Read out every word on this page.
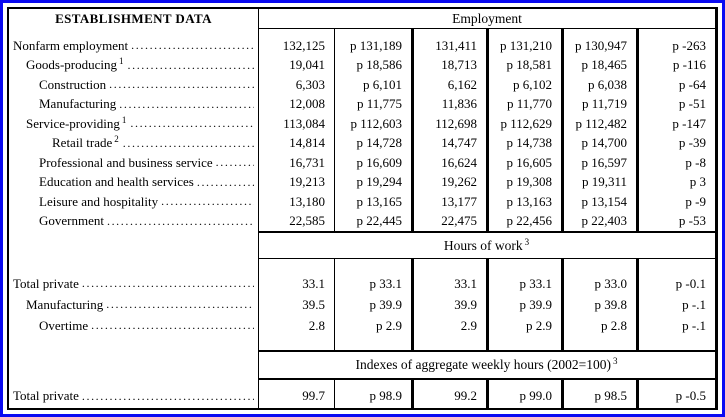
ESTABLISHMENT DATA	Employment
Nonfarm employment .....	132,125	p 131,189	131,411	p 131,210	p 130,947	p -263
Goods-producing 1 .....	19,041	p 18,586	18,713	p 18,581	p 18,465	p -116
Construction .....	6,303	p 6,101	6,162	p 6,102	p 6,038	p -64
Manufacturing .....	12,008	p 11,775	11,836	p 11,770	p 11,719	p -51
Service-providing 1 .....	113,084	p 112,603	112,698	p 112,629	p 112,482	p -147
Retail trade 2 .....	14,814	p 14,728	14,747	p 14,738	p 14,700	p -39
Professional and business service .....	16,731	p 16,609	16,624	p 16,605	p 16,597	p -8
Education and health services .....	19,213	p 19,294	19,262	p 19,308	p 19,311	p 3
Leisure and hospitality .....	13,180	p 13,165	13,177	p 13,163	p 13,154	p -9
Government .....	22,585	p 22,445	22,475	p 22,456	p 22,403	p -53
Hours of work 3
Total private .....	33.1	p 33.1	33.1	p 33.1	p 33.0	p -0.1
Manufacturing .....	39.5	p 39.9	39.9	p 39.9	p 39.8	p -.1
Overtime .....	2.8	p 2.9	2.9	p 2.9	p 2.8	p -.1
Indexes of aggregate weekly hours (2002=100) 3
Total private .....	99.7	p 98.9	99.2	p 99.0	p 98.5	p -0.5
